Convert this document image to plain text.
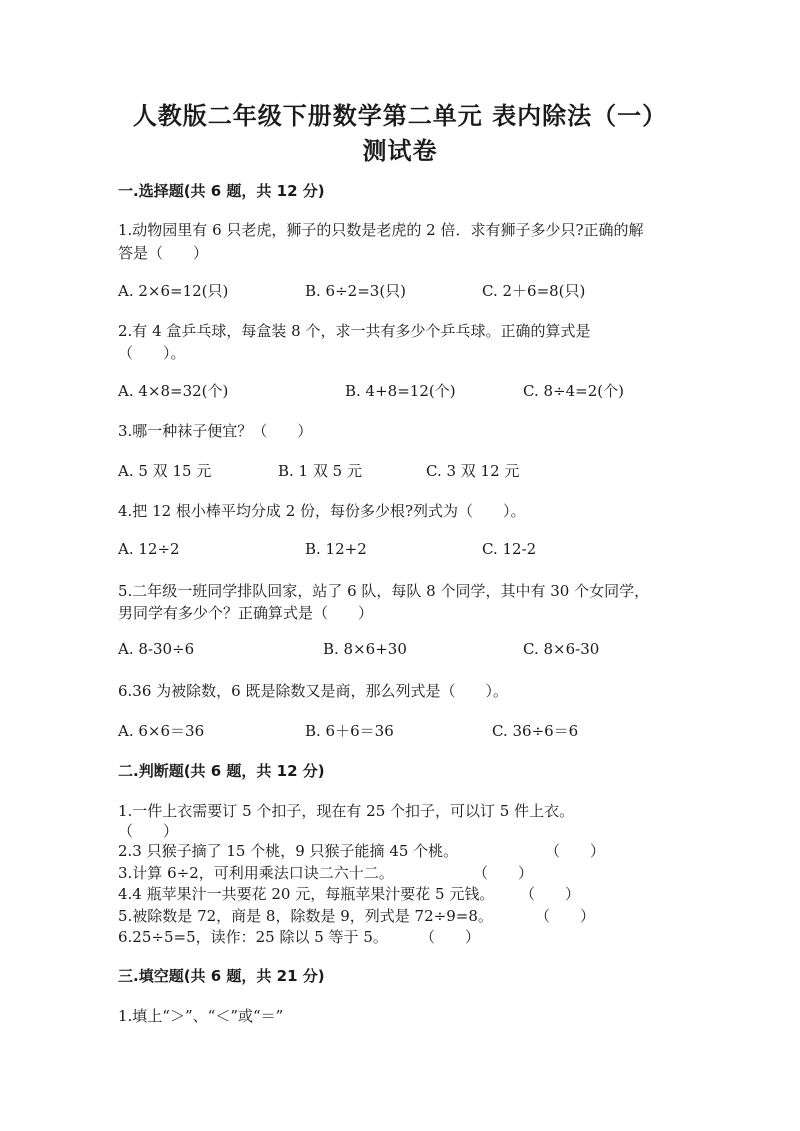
人教版二年级下册数学第二单元 表内除法（一）
测试卷
一.选择题(共 6 题，共 12 分)
1.动物园里有 6 只老虎，狮子的只数是老虎的 2 倍．求有狮子多少只?正确的解
答是（　　）
A. 2×6=12(只)	B. 6÷2=3(只)	C. 2＋6=8(只)
2.有 4 盒乒乓球，每盒装 8 个，求一共有多少个乒乓球。正确的算式是
（　　）。
A. 4×8=32(个)	B. 4+8=12(个)	C. 8÷4=2(个)
3.哪一种袜子便宜？（　　）
A. 5 双 15 元	B. 1 双 5 元	C. 3 双 12 元
4.把 12 根小棒平均分成 2 份，每份多少根?列式为（　　）。
A. 12÷2	B. 12+2	C. 12-2
5.二年级一班同学排队回家，站了 6 队，每队 8 个同学，其中有 30 个女同学，
男同学有多少个？正确算式是（　　）
A. 8-30÷6	B. 8×6+30	C. 8×6-30
6.36 为被除数，6 既是除数又是商，那么列式是（　　）。
A. 6×6＝36	B. 6＋6＝36	C. 36÷6＝6
二.判断题(共 6 题，共 12 分)
1.一件上衣需要订 5 个扣子，现在有 25 个扣子，可以订 5 件上衣。
（　　）
2.3 只猴子摘了 15 个桃，9 只猴子能摘 45 个桃。	（　　）
3.计算 6÷2，可利用乘法口诀二六十二。	（　　）
4.4 瓶苹果汁一共要花 20 元，每瓶苹果汁要花 5 元钱。 （　　）
5.被除数是 72，商是 8，除数是 9，列式是 72÷9=8。	（　　）
6.25÷5=5，读作：25 除以 5 等于 5。 （　　）
三.填空题(共 6 题，共 21 分)
1.填上“＞”、“＜”或“＝”
